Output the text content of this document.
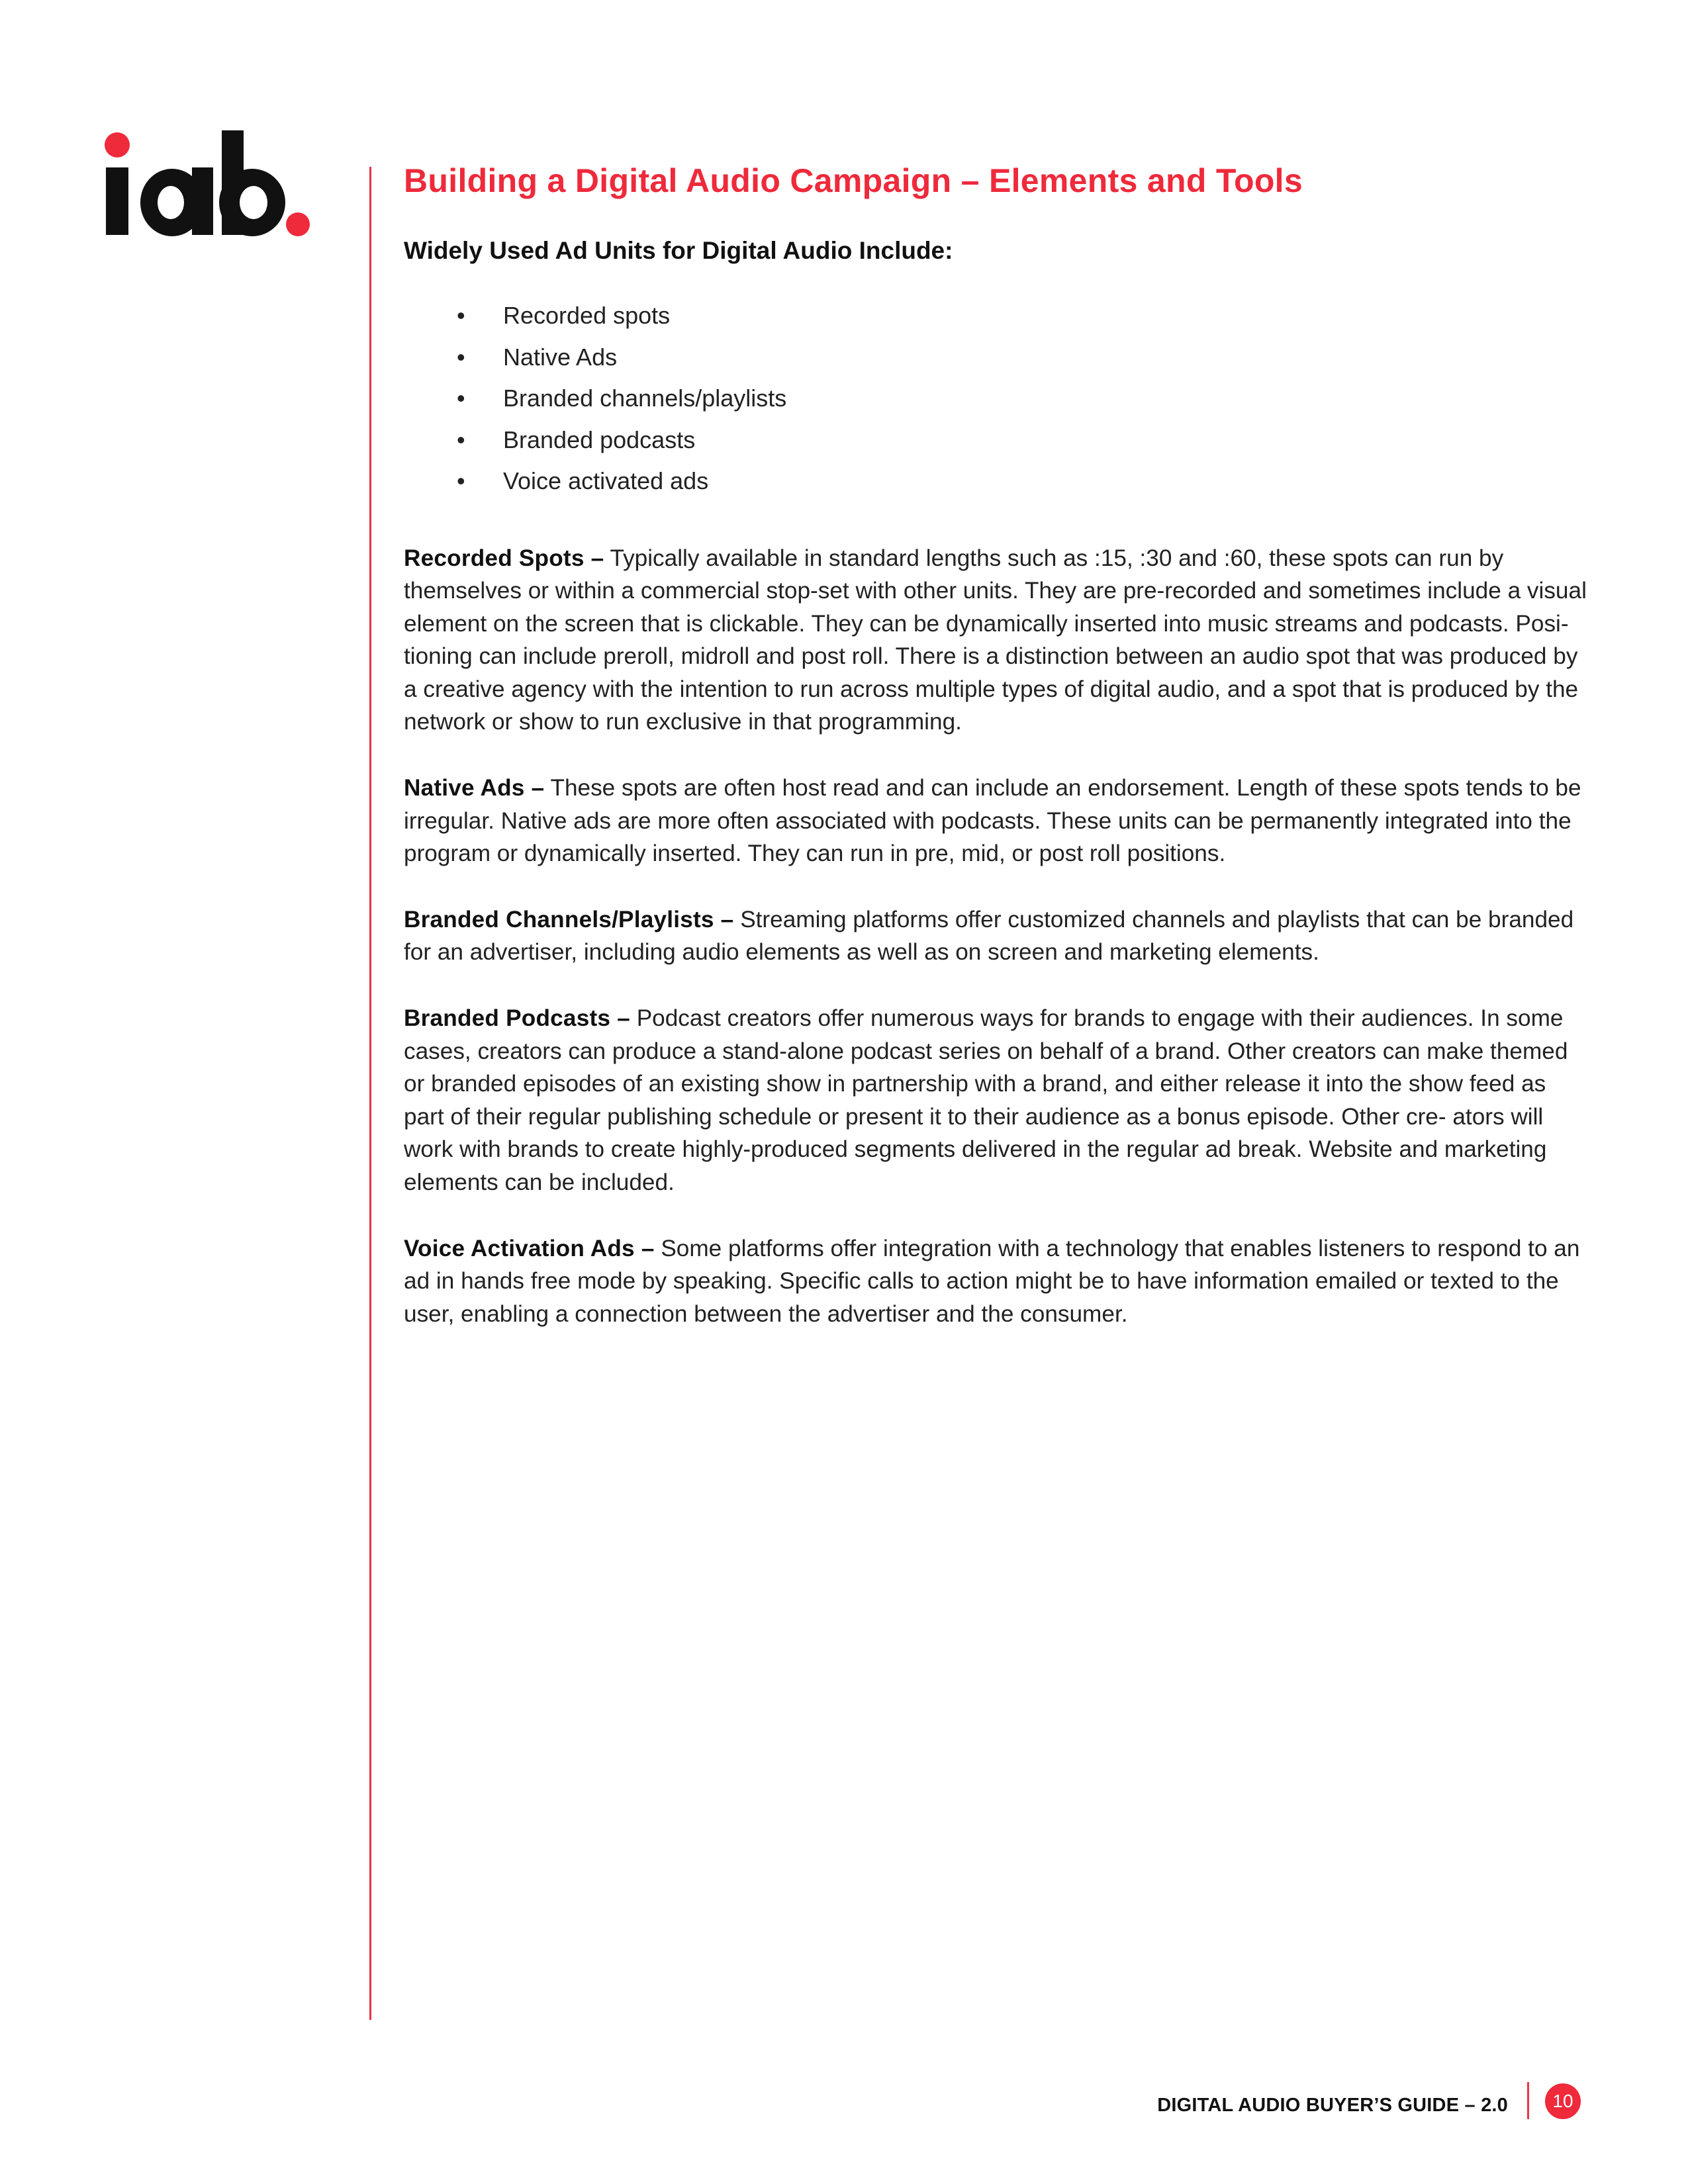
Building a Digital Audio Campaign – Elements and Tools

Widely Used Ad Units for Digital Audio Include:

• Recorded spots
• Native Ads
• Branded channels/playlists
• Branded podcasts
• Voice activated ads

Recorded Spots – Typically available in standard lengths such as :15, :30 and :60, these spots can run by themselves or within a commercial stop-set with other units. They are pre-recorded and sometimes include a visual element on the screen that is clickable. They can be dynamically inserted into music streams and podcasts. Posi- tioning can include preroll, midroll and post roll. There is a distinction between an audio spot that was produced by a creative agency with the intention to run across multiple types of digital audio, and a spot that is produced by the network or show to run exclusive in that programming.

Native Ads – These spots are often host read and can include an endorsement. Length of these spots tends to be irregular. Native ads are more often associated with podcasts. These units can be permanently integrated into the program or dynamically inserted. They can run in pre, mid, or post roll positions.

Branded Channels/Playlists – Streaming platforms offer customized channels and playlists that can be branded for an advertiser, including audio elements as well as on screen and marketing elements.

Branded Podcasts – Podcast creators offer numerous ways for brands to engage with their audiences. In some cases, creators can produce a stand-alone podcast series on behalf of a brand. Other creators can make themed or branded episodes of an existing show in partnership with a brand, and either release it into the show feed as part of their regular publishing schedule or present it to their audience as a bonus episode. Other cre- ators will work with brands to create highly-produced segments delivered in the regular ad break. Website and marketing elements can be included.

Voice Activation Ads – Some platforms offer integration with a technology that enables listeners to respond to an ad in hands free mode by speaking. Specific calls to action might be to have information emailed or texted to the user, enabling a connection between the advertiser and the consumer.

DIGITAL AUDIO BUYER’S GUIDE – 2.0	10
